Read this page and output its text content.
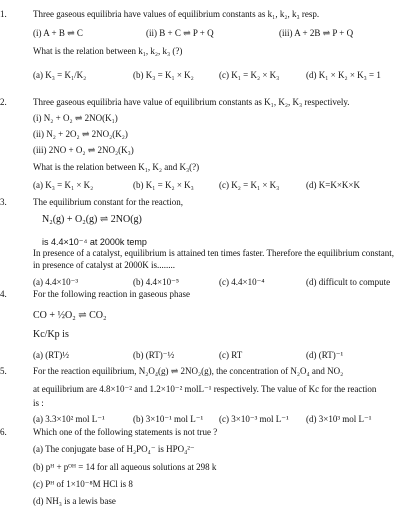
1.	Three gaseous equilibria have values of equilibrium constants as k₁, k₂, k₃ resp.
(i) A + B ⇌ C	(ii) B + C ⇌ P + Q	(iii) A + 2B ⇌ P + Q
What is the relation between k₁, k₂, k₃ (?)
(a) K₃ = K₁/K₂	(b) K₃ = K₁ × K₂	(c) K₁ = K₂ × K₃	(d) K₁ × K₂ × K₃ = 1
2.	Three gaseous equilibria have value of equilibrium constants as K₁, K₂, K₃ respectively.
(i) N₂ + O₂ ⇌ 2NO(K₁)
(ii) N₂ + 2O₂ ⇌ 2NO₂(K₂)
(iii) 2NO + O₂ ⇌ 2NO₂(K₃)
What is the relation between K₁, K₂ and K₃(?)
(a) K₃ = K₁ × K₂	(b) K₁ = K₂ × K₃	(c) K₂ = K₁ × K₃	(d) K=K×K×K
3.	The equilibrium constant for the reaction,
N₂(g) + O₂(g) ⇌ 2NO(g)
is 4.4×10⁻⁴ at 2000k temp
In presence of a catalyst, equilibrium is attained ten times faster. Therefore the equilibrium constant,
in presence of catalyst at 2000K is........
(a) 4.4×10⁻³	(b) 4.4×10⁻⁵	(c) 4.4×10⁻⁴	(d) difficult to compute
4.	For the following reaction in gaseous phase
CO + ½O₂ ⇌ CO₂
Kc/Kp is
(a) (RT)½	(b) (RT)⁻½	(c) RT	(d) (RT)⁻¹
5.	For the reaction equilibrium, N₂O₄(g) ⇌ 2NO₂(g), the concentration of N₂O₄ and NO₂
at equilibrium are 4.8×10⁻² and 1.2×10⁻² molL⁻¹ respectively. The value of Kc for the reaction
is :
(a) 3.3×10² mol L⁻¹	(b) 3×10⁻¹ mol L⁻¹ (c) 3×10⁻³ mol L⁻¹ (d) 3×10³ mol L⁻¹
6.	Which one of the following statements is not true ?
(a) The conjugate base of H₂PO₄⁻ is HPO₄²⁻
(b) pᴴ + pᴼᴴ = 14 for all aqueous solutions at 298 k
(c) Pᴴ of 1×10⁻⁸M HCl is 8
(d) NH₃ is a lewis base
